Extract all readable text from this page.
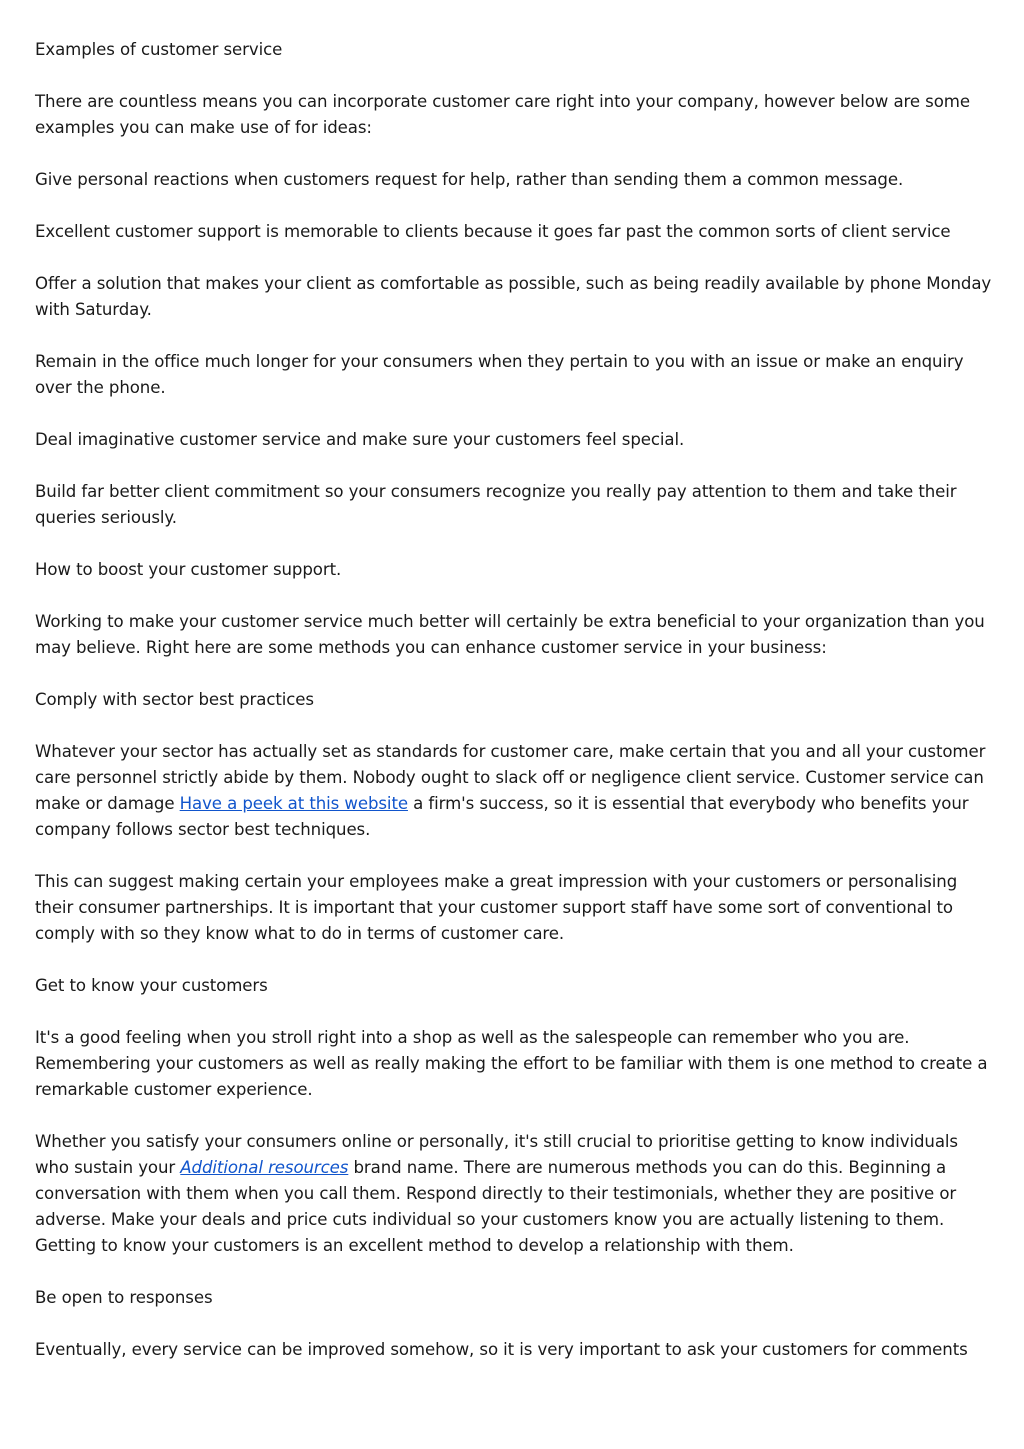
Examples of customer service

There are countless means you can incorporate customer care right into your company, however below are some examples you can make use of for ideas:

Give personal reactions when customers request for help, rather than sending them a common message.

Excellent customer support is memorable to clients because it goes far past the common sorts of client service

Offer a solution that makes your client as comfortable as possible, such as being readily available by phone Monday with Saturday.

Remain in the office much longer for your consumers when they pertain to you with an issue or make an enquiry over the phone.

Deal imaginative customer service and make sure your customers feel special.

Build far better client commitment so your consumers recognize you really pay attention to them and take their queries seriously.

How to boost your customer support.

Working to make your customer service much better will certainly be extra beneficial to your organization than you may believe. Right here are some methods you can enhance customer service in your business:

Comply with sector best practices

Whatever your sector has actually set as standards for customer care, make certain that you and all your customer care personnel strictly abide by them. Nobody ought to slack off or negligence client service. Customer service can make or damage Have a peek at this website a firm's success, so it is essential that everybody who benefits your company follows sector best techniques.

This can suggest making certain your employees make a great impression with your customers or personalising their consumer partnerships. It is important that your customer support staff have some sort of conventional to comply with so they know what to do in terms of customer care.

Get to know your customers

It's a good feeling when you stroll right into a shop as well as the salespeople can remember who you are. Remembering your customers as well as really making the effort to be familiar with them is one method to create a remarkable customer experience.

Whether you satisfy your consumers online or personally, it's still crucial to prioritise getting to know individuals who sustain your Additional resources brand name. There are numerous methods you can do this. Beginning a conversation with them when you call them. Respond directly to their testimonials, whether they are positive or adverse. Make your deals and price cuts individual so your customers know you are actually listening to them. Getting to know your customers is an excellent method to develop a relationship with them.

Be open to responses

Eventually, every service can be improved somehow, so it is very important to ask your customers for comments
